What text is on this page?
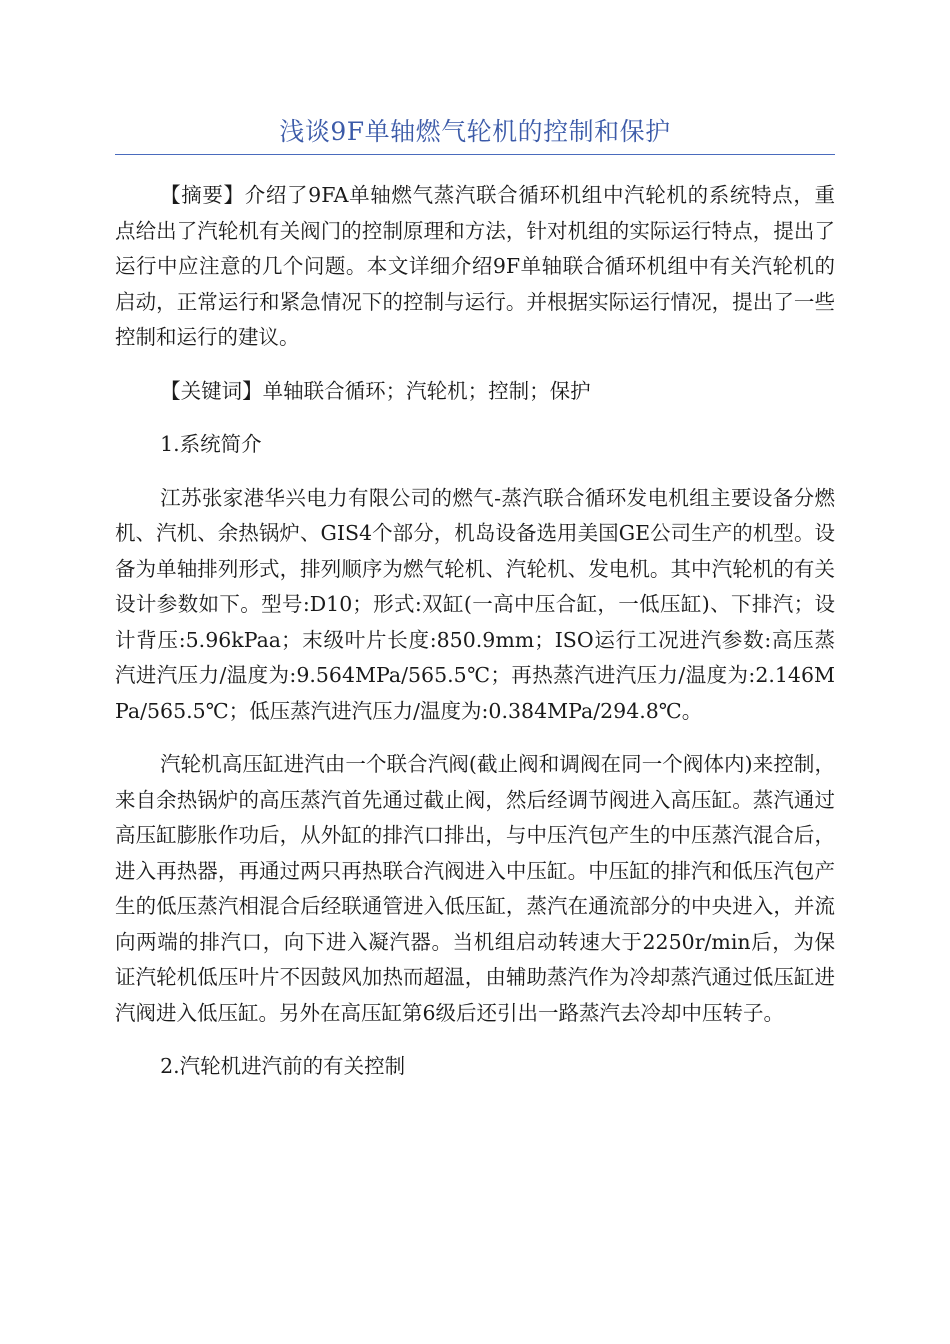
浅谈9F单轴燃气轮机的控制和保护

【摘要】介绍了9FA单轴燃气蒸汽联合循环机组中汽轮机的系统特点，重点给出了汽轮机有关阀门的控制原理和方法，针对机组的实际运行特点，提出了运行中应注意的几个问题。本文详细介绍9F单轴联合循环机组中有关汽轮机的启动，正常运行和紧急情况下的控制与运行。并根据实际运行情况，提出了一些控制和运行的建议。

【关键词】单轴联合循环；汽轮机；控制；保护

1.系统简介

江苏张家港华兴电力有限公司的燃气-蒸汽联合循环发电机组主要设备分燃机、汽机、余热锅炉、GIS4个部分，机岛设备选用美国GE公司生产的机型。设备为单轴排列形式，排列顺序为燃气轮机、汽轮机、发电机。其中汽轮机的有关设计参数如下。型号:D10；形式:双缸(一高中压合缸，一低压缸)、下排汽；设计背压:5.96kPaa；末级叶片长度:850.9mm；ISO运行工况进汽参数:高压蒸汽进汽压力/温度为:9.564MPa/565.5℃；再热蒸汽进汽压力/温度为:2.146MPa/565.5℃；低压蒸汽进汽压力/温度为:0.384MPa/294.8℃。

汽轮机高压缸进汽由一个联合汽阀(截止阀和调阀在同一个阀体内)来控制，来自余热锅炉的高压蒸汽首先通过截止阀，然后经调节阀进入高压缸。蒸汽通过高压缸膨胀作功后，从外缸的排汽口排出，与中压汽包产生的中压蒸汽混合后，进入再热器，再通过两只再热联合汽阀进入中压缸。中压缸的排汽和低压汽包产生的低压蒸汽相混合后经联通管进入低压缸，蒸汽在通流部分的中央进入，并流向两端的排汽口，向下进入凝汽器。当机组启动转速大于2250r/min后，为保证汽轮机低压叶片不因鼓风加热而超温，由辅助蒸汽作为冷却蒸汽通过低压缸进汽阀进入低压缸。另外在高压缸第6级后还引出一路蒸汽去冷却中压转子。

2.汽轮机进汽前的有关控制
